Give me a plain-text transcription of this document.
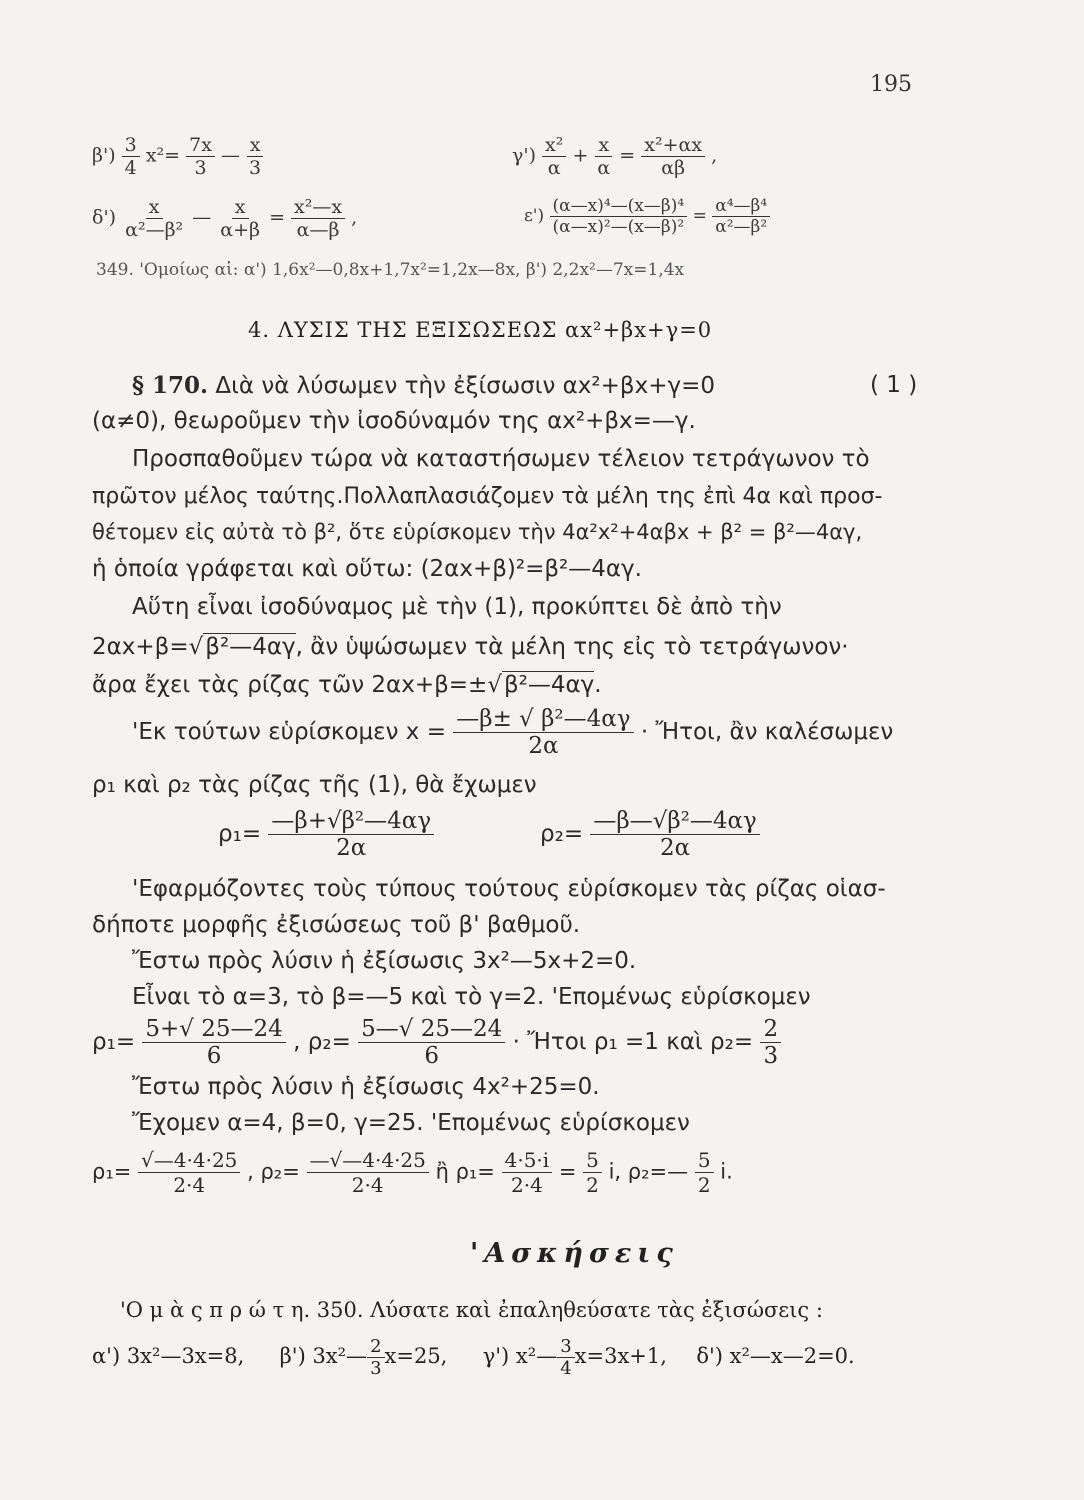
195
$\beta') \frac{3}{4} x^2= \frac{7x}{3}$ — $\frac{x}{3}$	$\gamma') \frac{\text{x²}}{\alpha} + \frac{x}{\alpha} = \frac{\text{x²+αx}}{\alpha\beta}$ ,
$\delta') \frac{x}{\text{α²—β²}}$ — $\frac{x}{\alpha+\beta} = \frac{\text{x²—x}}{\alpha—\beta}$ ,	$\varepsilon') \frac{\text{(α—x)⁴—(x—β)⁴}}{\text{(α—x)²—(x—β)²}} = \frac{\text{α⁴—β⁴}}{\text{α²—β²}}$
349. 'Ομοίως αἱ: α') 1,6x²—0,8x+1,7x²=1,2x—8x, β') 2,2x²—7x=1,4x
4. ΛΥΣΙΣ ΤΗΣ ΕΞΙΣΩΣΕΩΣ αx²+βx+γ=0
§ 170. Διὰ νὰ λύσωμεν τὴν ἐξίσωσιν αx²+βx+γ=0	( 1 )
(α≠0), θεωροῦμεν τὴν ἰσοδύναμόν της αx²+βx=—γ.
Προσπαθοῦμεν τώρα νὰ καταστήσωμεν τέλειον τετράγωνον τὸ
πρῶτον μέλος ταύτης.Πολλαπλασιάζομεν τὰ μέλη της ἐπὶ 4α καὶ προσ-
θέτομεν εἰς αὐτὰ τὸ β², ὅτε εὑρίσκομεν τὴν 4α²x²+4αβx + β² = β²—4αγ,
ἡ ὁποία γράφεται καὶ οὕτω: (2αx+β)²=β²—4αγ.
Αὕτη εἶναι ἰσοδύναμος μὲ τὴν (1), προκύπτει δὲ ἀπὸ τὴν
2αx+β=√β²—4αγ, ἂν ὑψώσωμεν τὰ μέλη της εἰς τὸ τετράγωνον·
ἄρα ἔχει τὰς ρίζας τῶν 2αx+β=±√β²—4αγ.
'Εκ τούτων εὑρίσκομεν $x = \frac{\text{—β± √ β²—4αγ}}{2\alpha}$ · Ἤτοι, ἂν καλέσωμεν
ρ₁ καὶ ρ₂ τὰς ρίζας τῆς (1), θὰ ἔχωμεν
$\rho_1= \frac{\text{—β+√β²—4αγ}}{2\alpha}$	$\rho_2= \frac{\text{—β—√β²—4αγ}}{2\alpha}$
'Εφαρμόζοντες τοὺς τύπους τούτους εὑρίσκομεν τὰς ρίζας οἱασ-
δήποτε μορφῆς ἐξισώσεως τοῦ β' βαθμοῦ.
Ἔστω πρὸς λύσιν ἡ ἐξίσωσις 3x²—5x+2=0.
Εἶναι τὸ α=3, τὸ β=—5 καὶ τὸ γ=2. 'Επομένως εὑρίσκομεν
$\rho_1= \frac{5+√ 25—24}{6}$ , $\rho_2= \frac{5—√ 25—24}{6}$ · Ἤτοι ρ₁ =1 καὶ $\rho_2= \frac{2}{3}$
Ἔστω πρὸς λύσιν ἡ ἐξίσωσις 4x²+25=0.
Ἔχομεν α=4, β=0, γ=25. 'Επομένως εὑρίσκομεν
$\rho_1= \frac{√—4\cdot 4\cdot 25}{2\cdot 4}$ , $\rho_2= \frac{—√—4\cdot 4\cdot 25}{2\cdot 4}$ ἢ $\rho_1= \frac{4\cdot 5\cdot i}{2\cdot 4} = \frac{5}{2} i$, ρ₂=— $\frac{5}{2} i$.
'Ασκήσεις
'Ο μ ὰ ς π ρ ώ τ η. 350. Λύσατε καὶ ἐπαληθεύσατε τὰς ἐξισώσεις :
α') 3x²—3x=8, β') 3x²— $\frac{2}{3} x=25$, γ') x²— $\frac{3}{4} x=3x+1$, δ') x²—x—2=0.
